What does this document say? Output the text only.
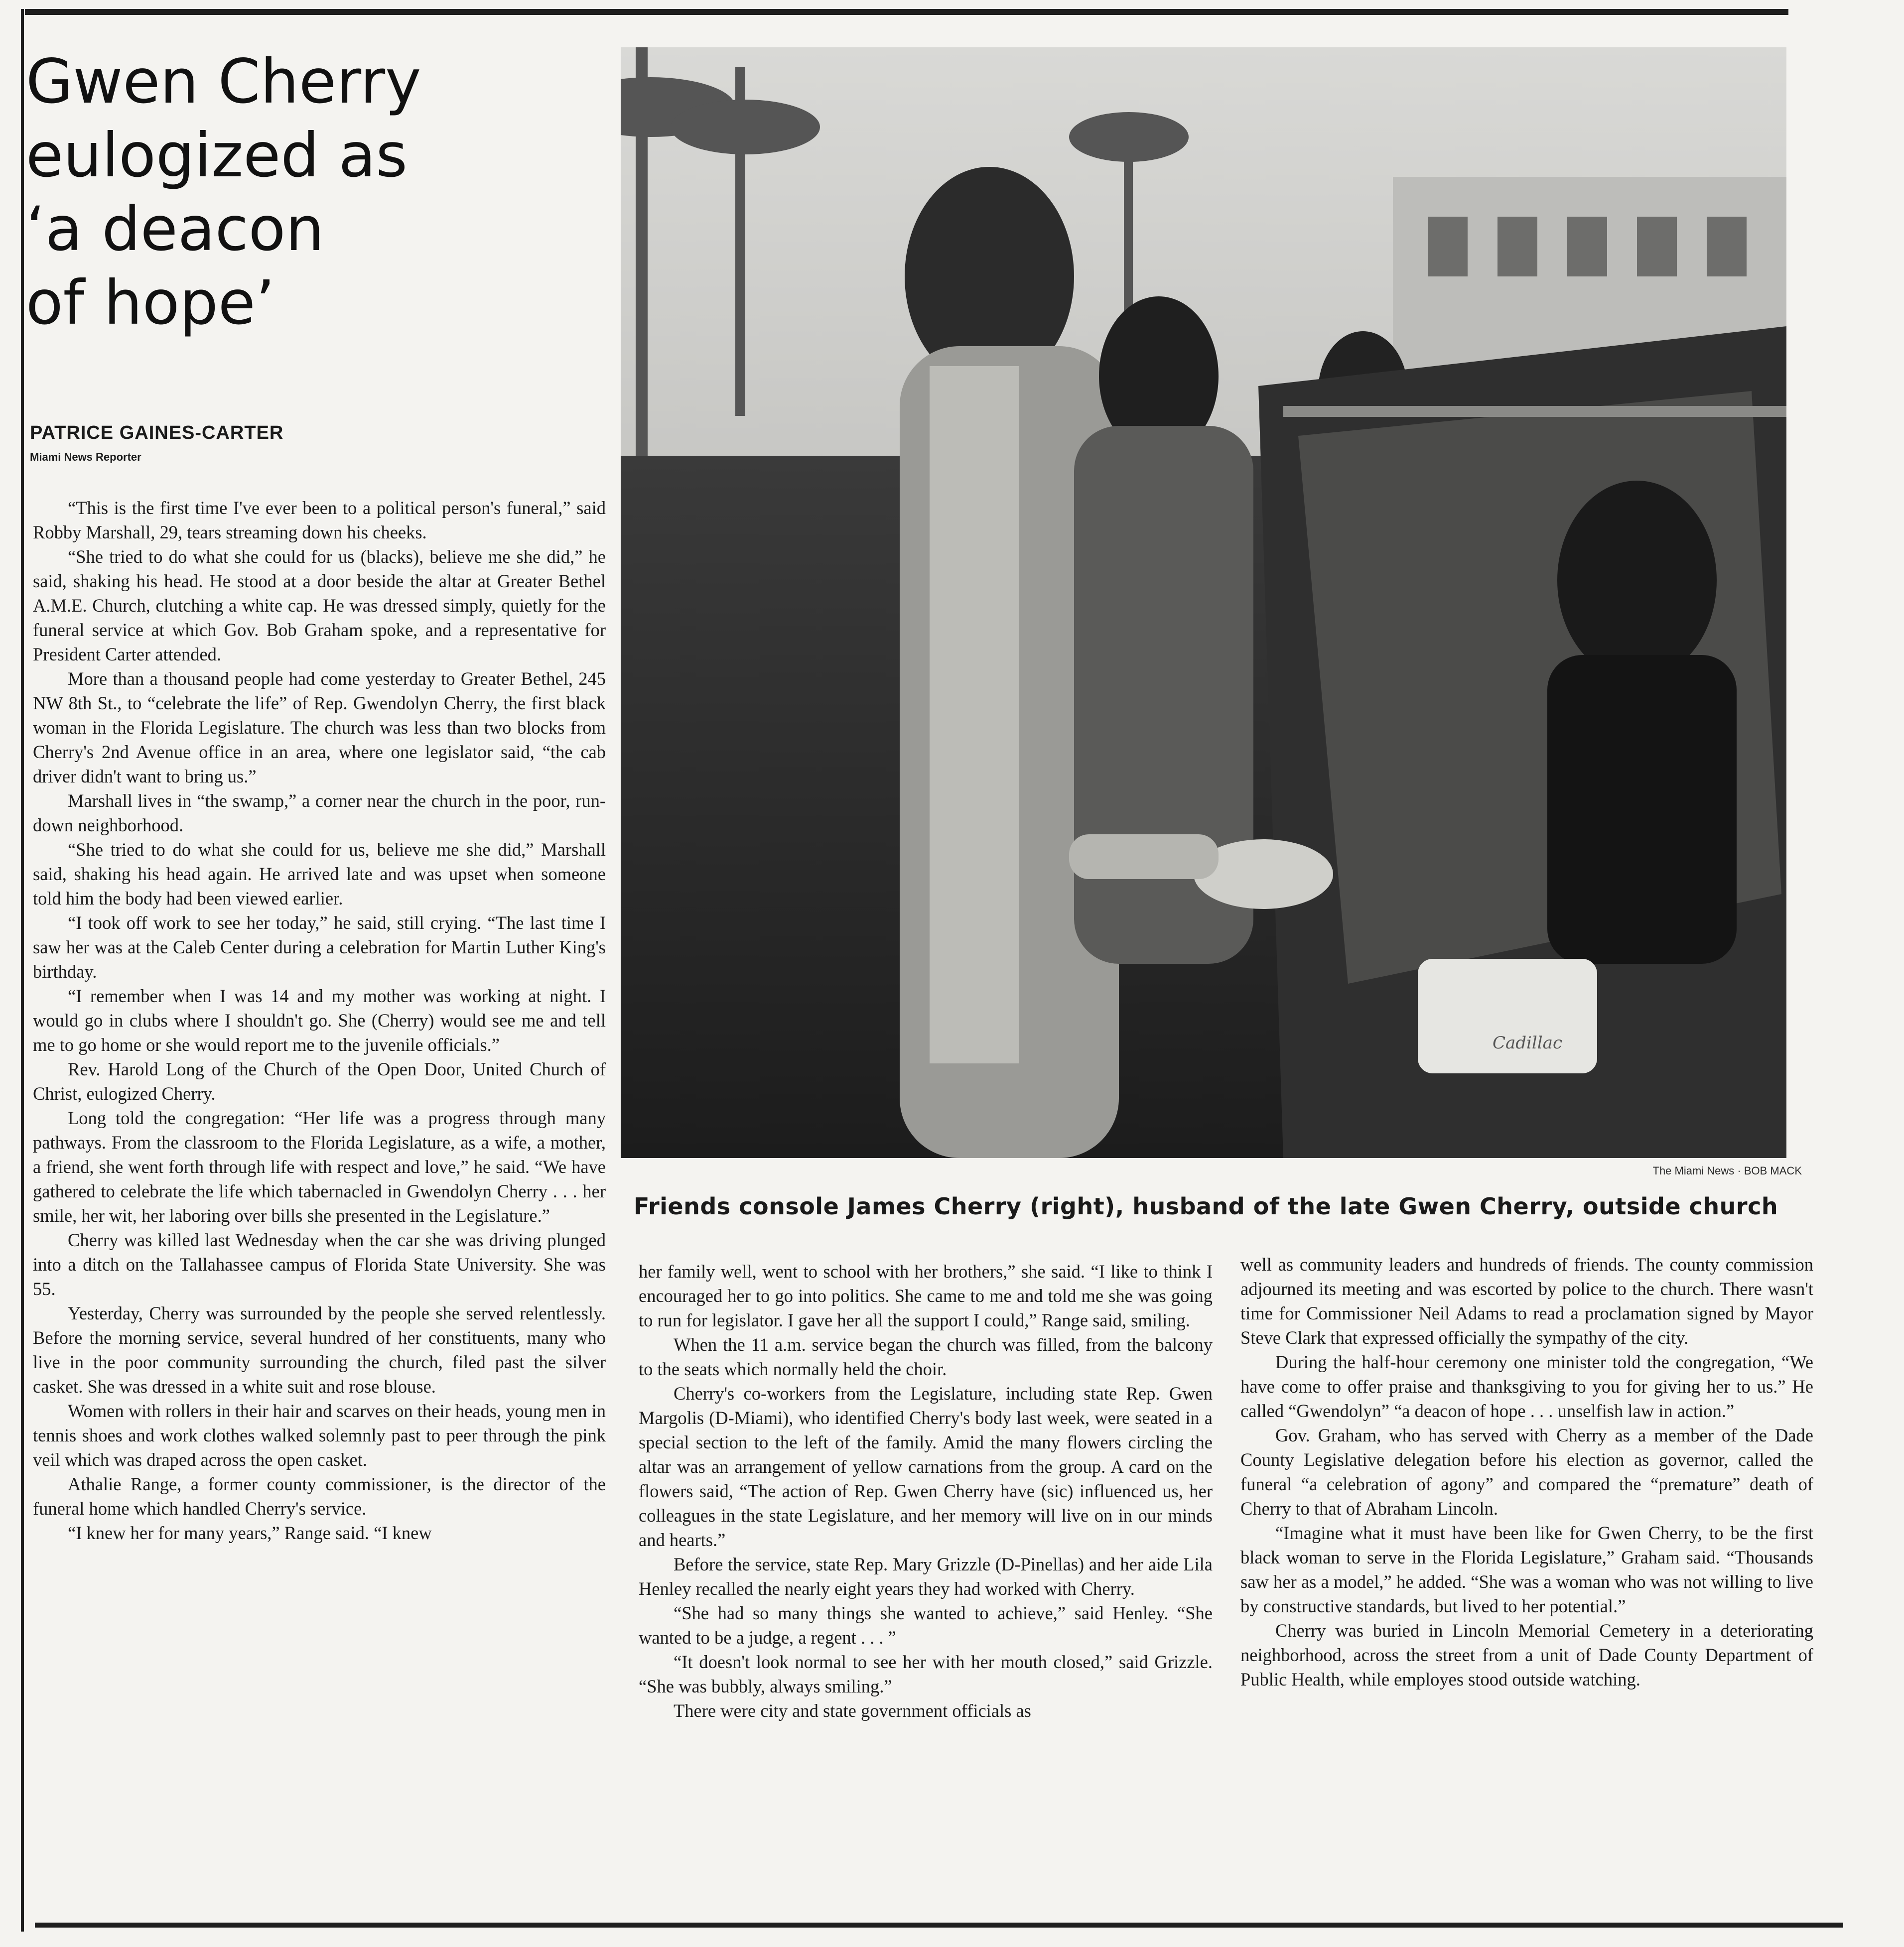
Gwen Cherry
eulogized as
‘a deacon
of hope’
PATRICE GAINES-CARTER
Miami News Reporter

“This is the first time I've ever been to a political person's funeral,” said Robby Marshall, 29, tears streaming down his cheeks.

“She tried to do what she could for us (blacks), believe me she did,” he said, shaking his head. He stood at a door beside the altar at Greater Bethel A.M.E. Church, clutching a white cap. He was dressed simply, quietly for the funeral service at which Gov. Bob Graham spoke, and a representative for President Carter attended.

More than a thousand people had come yesterday to Greater Bethel, 245 NW 8th St., to “celebrate the life” of Rep. Gwendolyn Cherry, the first black woman in the Florida Legislature. The church was less than two blocks from Cherry's 2nd Avenue office in an area, where one legislator said, “the cab driver didn't want to bring us.”

Marshall lives in “the swamp,” a corner near the church in the poor, run-down neighborhood.

“She tried to do what she could for us, believe me she did,” Marshall said, shaking his head again. He arrived late and was upset when someone told him the body had been viewed earlier.

“I took off work to see her today,” he said, still crying. “The last time I saw her was at the Caleb Center during a celebration for Martin Luther King's birthday.

“I remember when I was 14 and my mother was working at night. I would go in clubs where I shouldn't go. She (Cherry) would see me and tell me to go home or she would report me to the juvenile officials.”

Rev. Harold Long of the Church of the Open Door, United Church of Christ, eulogized Cherry.

Long told the congregation: “Her life was a progress through many pathways. From the classroom to the Florida Legislature, as a wife, a mother, a friend, she went forth through life with respect and love,” he said. “We have gathered to celebrate the life which tabernacled in Gwendolyn Cherry . . . her smile, her wit, her laboring over bills she presented in the Legislature.”

Cherry was killed last Wednesday when the car she was driving plunged into a ditch on the Tallahassee campus of Florida State University. She was 55.

Yesterday, Cherry was surrounded by the people she served relentlessly. Before the morning service, several hundred of her constituents, many who live in the poor community surrounding the church, filed past the silver casket. She was dressed in a white suit and rose blouse.

Women with rollers in their hair and scarves on their heads, young men in tennis shoes and work clothes walked solemnly past to peer through the pink veil which was draped across the open casket.

Athalie Range, a former county commissioner, is the director of the funeral home which handled Cherry's service.

“I knew her for many years,” Range said. “I knew

Cadillac
The Miami News · BOB MACK
Friends console James Cherry (right), husband of the late Gwen Cherry, outside church

her family well, went to school with her brothers,” she said. “I like to think I encouraged her to go into politics. She came to me and told me she was going to run for legislator. I gave her all the support I could,” Range said, smiling.

When the 11 a.m. service began the church was filled, from the balcony to the seats which normally held the choir.

Cherry's co-workers from the Legislature, including state Rep. Gwen Margolis (D-Miami), who identified Cherry's body last week, were seated in a special section to the left of the family. Amid the many flowers circling the altar was an arrangement of yellow carnations from the group. A card on the flowers said, “The action of Rep. Gwen Cherry have (sic) influenced us, her colleagues in the state Legislature, and her memory will live on in our minds and hearts.”

Before the service, state Rep. Mary Grizzle (D-Pinellas) and her aide Lila Henley recalled the nearly eight years they had worked with Cherry.

“She had so many things she wanted to achieve,” said Henley. “She wanted to be a judge, a regent . . . ”

“It doesn't look normal to see her with her mouth closed,” said Grizzle. “She was bubbly, always smiling.”

There were city and state government officials as

well as community leaders and hundreds of friends. The county commission adjourned its meeting and was escorted by police to the church. There wasn't time for Commissioner Neil Adams to read a proclamation signed by Mayor Steve Clark that expressed officially the sympathy of the city.

During the half-hour ceremony one minister told the congregation, “We have come to offer praise and thanksgiving to you for giving her to us.” He called “Gwendolyn” “a deacon of hope . . . unselfish law in action.”

Gov. Graham, who has served with Cherry as a member of the Dade County Legislative delegation before his election as governor, called the funeral “a celebration of agony” and compared the “premature” death of Cherry to that of Abraham Lincoln.

“Imagine what it must have been like for Gwen Cherry, to be the first black woman to serve in the Florida Legislature,” Graham said. “Thousands saw her as a model,” he added. “She was a woman who was not willing to live by constructive standards, but lived to her potential.”

Cherry was buried in Lincoln Memorial Cemetery in a deteriorating neighborhood, across the street from a unit of Dade County Department of Public Health, while employes stood outside watching.
